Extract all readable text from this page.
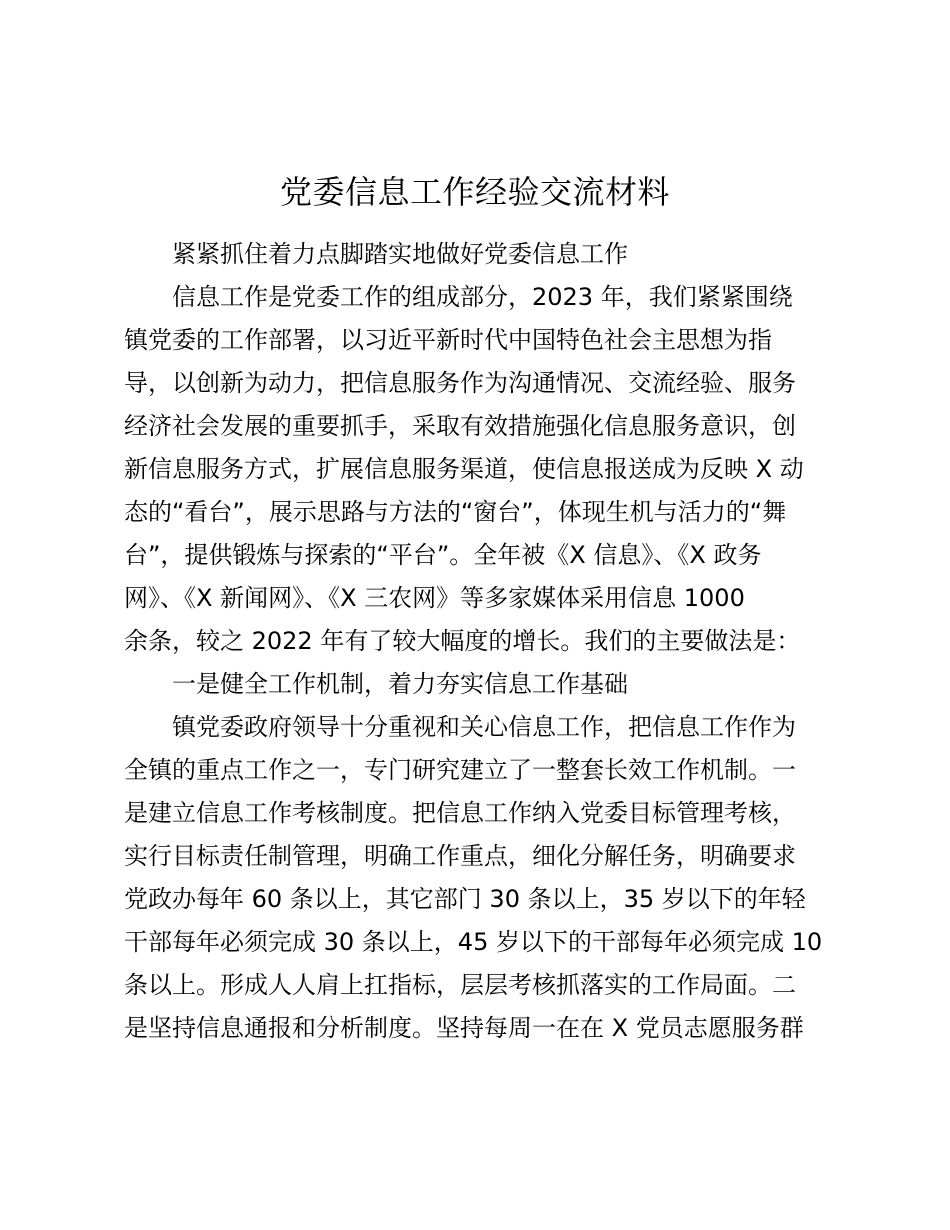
党委信息工作经验交流材料

紧紧抓住着力点脚踏实地做好党委信息工作

信息工作是党委工作的组成部分，2023 年，我们紧紧围绕

镇党委的工作部署，以习近平新时代中国特色社会主思想为指

导，以创新为动力，把信息服务作为沟通情况、交流经验、服务

经济社会发展的重要抓手，采取有效措施强化信息服务意识，创

新信息服务方式，扩展信息服务渠道，使信息报送成为反映 X 动

态的“看台”，展示思路与方法的“窗台”，体现生机与活力的“舞

台”，提供锻炼与探索的“平台”。全年被《X 信息》、《X 政务

网》、《X 新闻网》、《X 三农网》等多家媒体采用信息 1000

余条，较之 2022 年有了较大幅度的增长。我们的主要做法是：

一是健全工作机制，着力夯实信息工作基础

镇党委政府领导十分重视和关心信息工作，把信息工作作为

全镇的重点工作之一，专门研究建立了一整套长效工作机制。一

是建立信息工作考核制度。把信息工作纳入党委目标管理考核，

实行目标责任制管理，明确工作重点，细化分解任务，明确要求

党政办每年 60 条以上，其它部门 30 条以上，35 岁以下的年轻

干部每年必须完成 30 条以上，45 岁以下的干部每年必须完成 10

条以上。形成人人肩上扛指标，层层考核抓落实的工作局面。二

是坚持信息通报和分析制度。坚持每周一在在 X 党员志愿服务群
